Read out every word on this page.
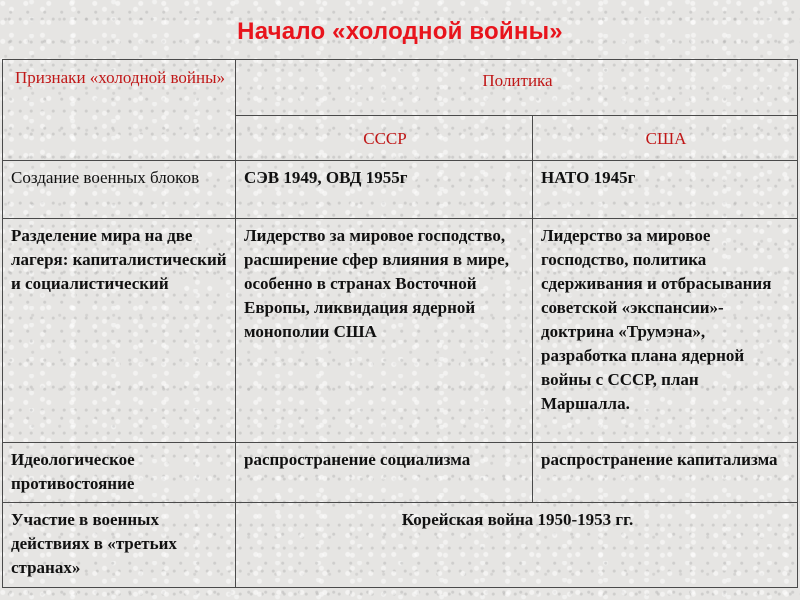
Начало «холодной войны»
Признаки «холодной войны»	Политика	
	СССР	США

Создание военных блоков	СЭВ 1949, ОВД 1955г	НАТО 1945г

Разделение мира на две лагеря: капиталистический и социалистический	Лидерство за мировое господство, расширение сфер влияния в мире, особенно в странах Восточной Европы, ликвидация ядерной монополии США	Лидерство за мировое господство, политика сдерживания и отбрасывания советской «экспансии»- доктрина «Трумэна», разработка плана ядерной войны с СССР, план Маршалла.

Идеологическое противостояние	распространение социализма	распространение капитализма

Участие в военных действиях в «третьих странах»	Корейская война 1950-1953 гг.	
